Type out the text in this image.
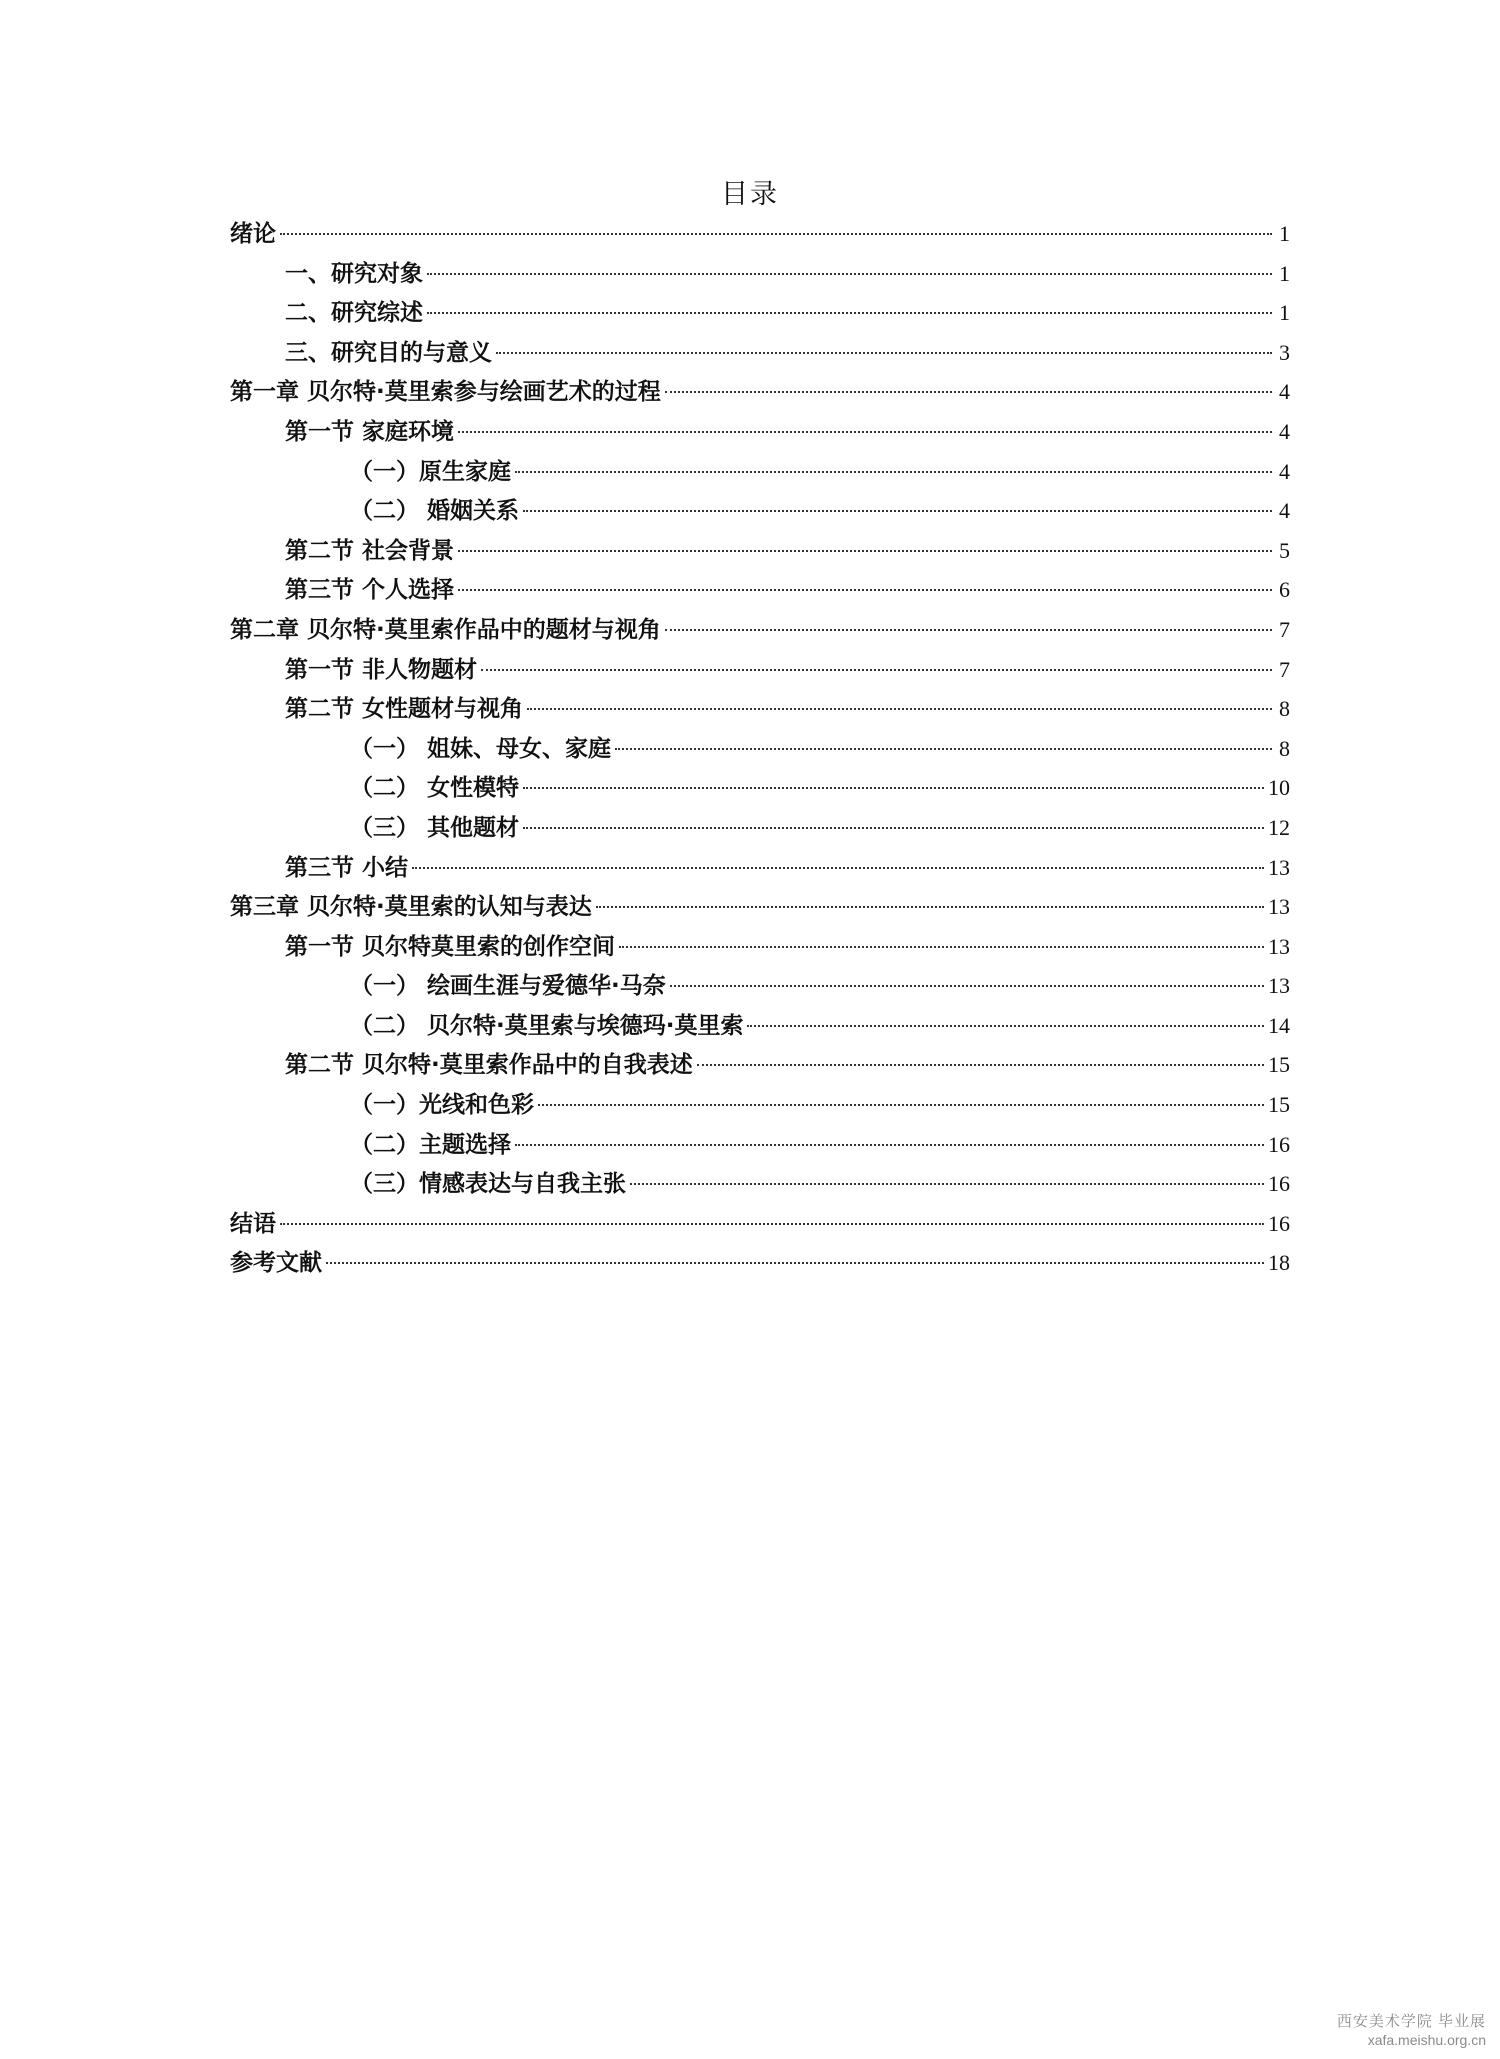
目录
绪论	1
一、研究对象	1
二、研究综述	1
三、研究目的与意义	3
第一章 贝尔特·莫里索参与绘画艺术的过程	4
第一节 家庭环境	4
（一）原生家庭	4
（二） 婚姻关系	4
第二节 社会背景	5
第三节 个人选择	6
第二章 贝尔特·莫里索作品中的题材与视角	7
第一节 非人物题材	7
第二节 女性题材与视角	8
（一） 姐妹、母女、家庭	8
（二） 女性模特	10
（三） 其他题材	12
第三节 小结	13
第三章 贝尔特·莫里索的认知与表达	13
第一节 贝尔特莫里索的创作空间	13
（一） 绘画生涯与爱德华·马奈	13
（二） 贝尔特·莫里索与埃德玛·莫里索	14
第二节 贝尔特·莫里索作品中的自我表述	15
（一）光线和色彩	15
（二）主题选择	16
（三）情感表达与自我主张	16
结语	16
参考文献	18
西安美术学院 毕业展
xafa.meishu.org.cn
